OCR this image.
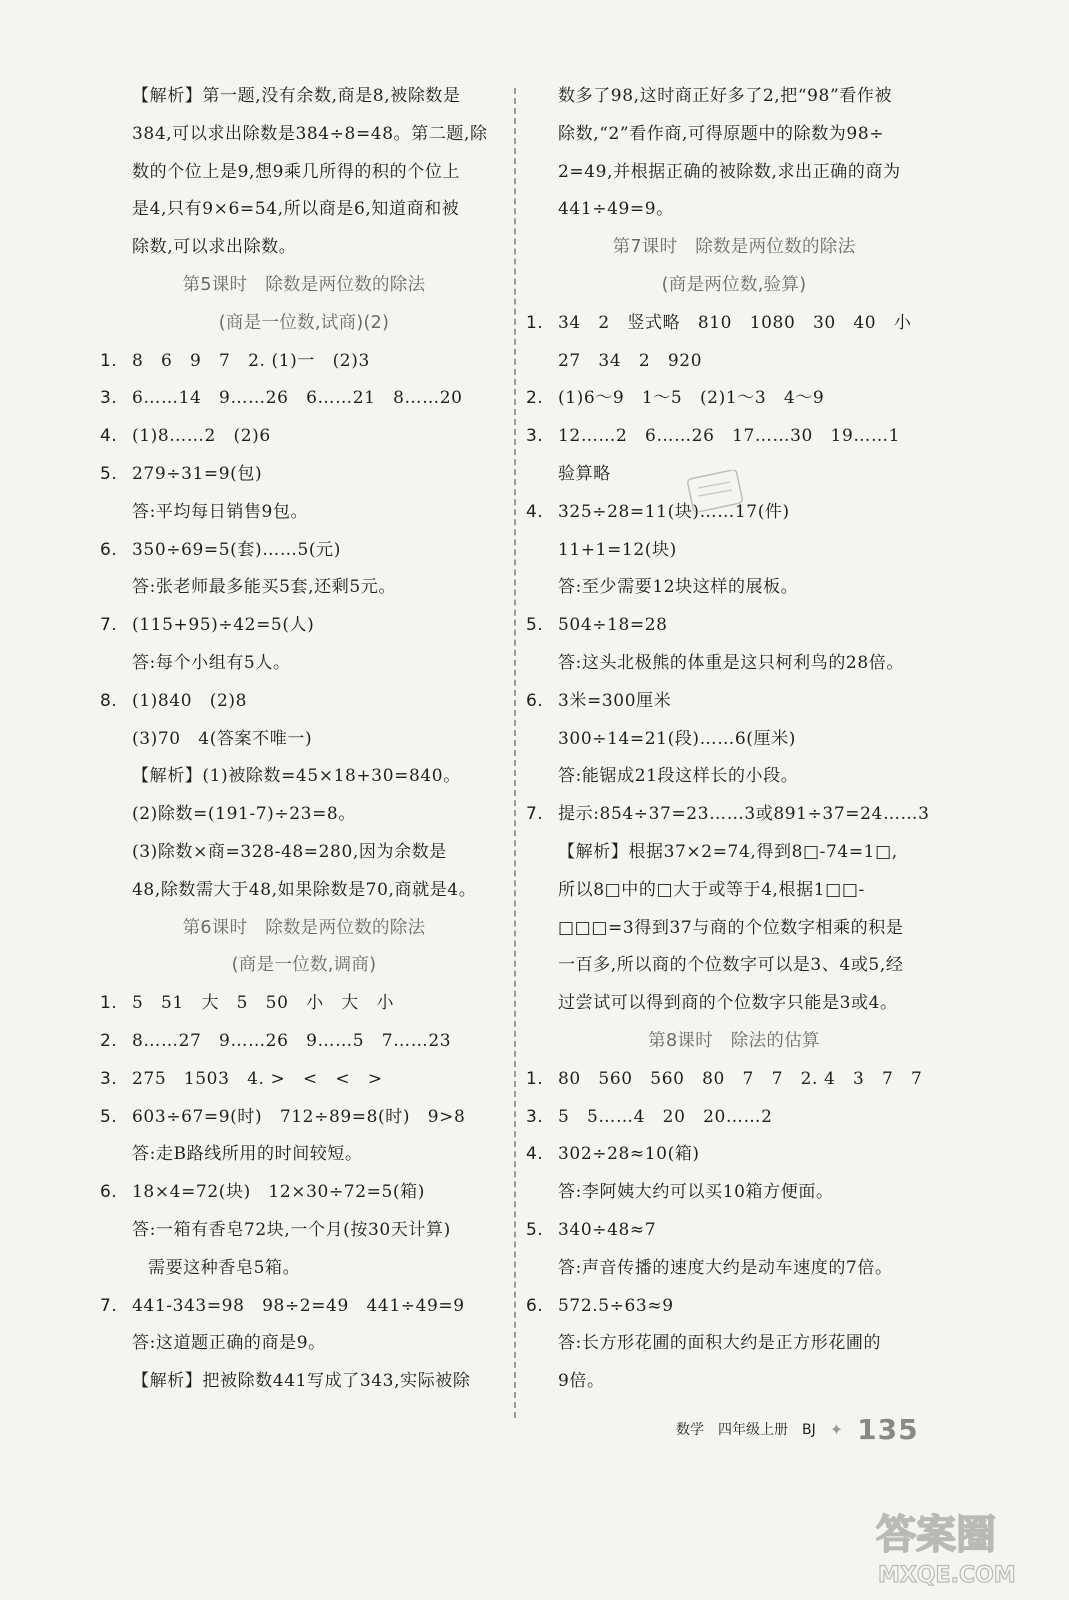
【解析】第一题,没有余数,商是8,被除数是
384,可以求出除数是384÷8=48。第二题,除
数的个位上是9,想9乘几所得的积的个位上
是4,只有9×6=54,所以商是6,知道商和被
除数,可以求出除数。
第5课时　除数是两位数的除法
(商是一位数,试商)(2)
1. 8　6　9　7　2. (1)一　(2)3
3. 6……14　9……26　6……21　8……20
4. (1)8……2　(2)6
5. 279÷31=9(包)
答:平均每日销售9包。
6. 350÷69=5(套)……5(元)
答:张老师最多能买5套,还剩5元。
7. (115+95)÷42=5(人)
答:每个小组有5人。
8. (1)840　(2)8
(3)70　4(答案不唯一)
【解析】(1)被除数=45×18+30=840。
(2)除数=(191-7)÷23=8。
(3)除数×商=328-48=280,因为余数是
48,除数需大于48,如果除数是70,商就是4。
第6课时　除数是两位数的除法
(商是一位数,调商)
1. 5　51　大　5　50　小　大　小
2. 8……27　9……26　9……5　7……23
3. 275　1503　4. >　<　<　>
5. 603÷67=9(时)　712÷89=8(时)　9>8
答:走B路线所用的时间较短。
6. 18×4=72(块)　12×30÷72=5(箱)
答:一箱有香皂72块,一个月(按30天计算)
需要这种香皂5箱。
7. 441-343=98　98÷2=49　441÷49=9
答:这道题正确的商是9。
【解析】把被除数441写成了343,实际被除
数多了98,这时商正好多了2,把“98”看作被
除数,“2”看作商,可得原题中的除数为98÷
2=49,并根据正确的被除数,求出正确的商为
441÷49=9。
第7课时　除数是两位数的除法
(商是两位数,验算)
1. 34　2　竖式略　810　1080　30　40　小
27　34　2　920
2. (1)6～9　1～5　(2)1～3　4～9
3. 12……2　6……26　17……30　19……1
验算略
4. 325÷28=11(块)……17(件)
11+1=12(块)
答:至少需要12块这样的展板。
5. 504÷18=28
答:这头北极熊的体重是这只柯利鸟的28倍。
6. 3米=300厘米
300÷14=21(段)……6(厘米)
答:能锯成21段这样长的小段。
7. 提示:854÷37=23……3或891÷37=24……3
【解析】根据37×2=74,得到8□-74=1□,
所以8□中的□大于或等于4,根据1□□-
□□□=3得到37与商的个位数字相乘的积是
一百多,所以商的个位数字可以是3、4或5,经
过尝试可以得到商的个位数字只能是3或4。
第8课时　除法的估算
1. 80　560　560　80　7　7　2. 4　3　7　7
3. 5　5……4　20　20……2
4. 302÷28≈10(箱)
答:李阿姨大约可以买10箱方便面。
5. 340÷48≈7
答:声音传播的速度大约是动车速度的7倍。
6. 572.5÷63≈9
答:长方形花圃的面积大约是正方形花圃的
9倍。
数学 四年级上册 BJ ✦ 135
答案圈
MXQE.COM
